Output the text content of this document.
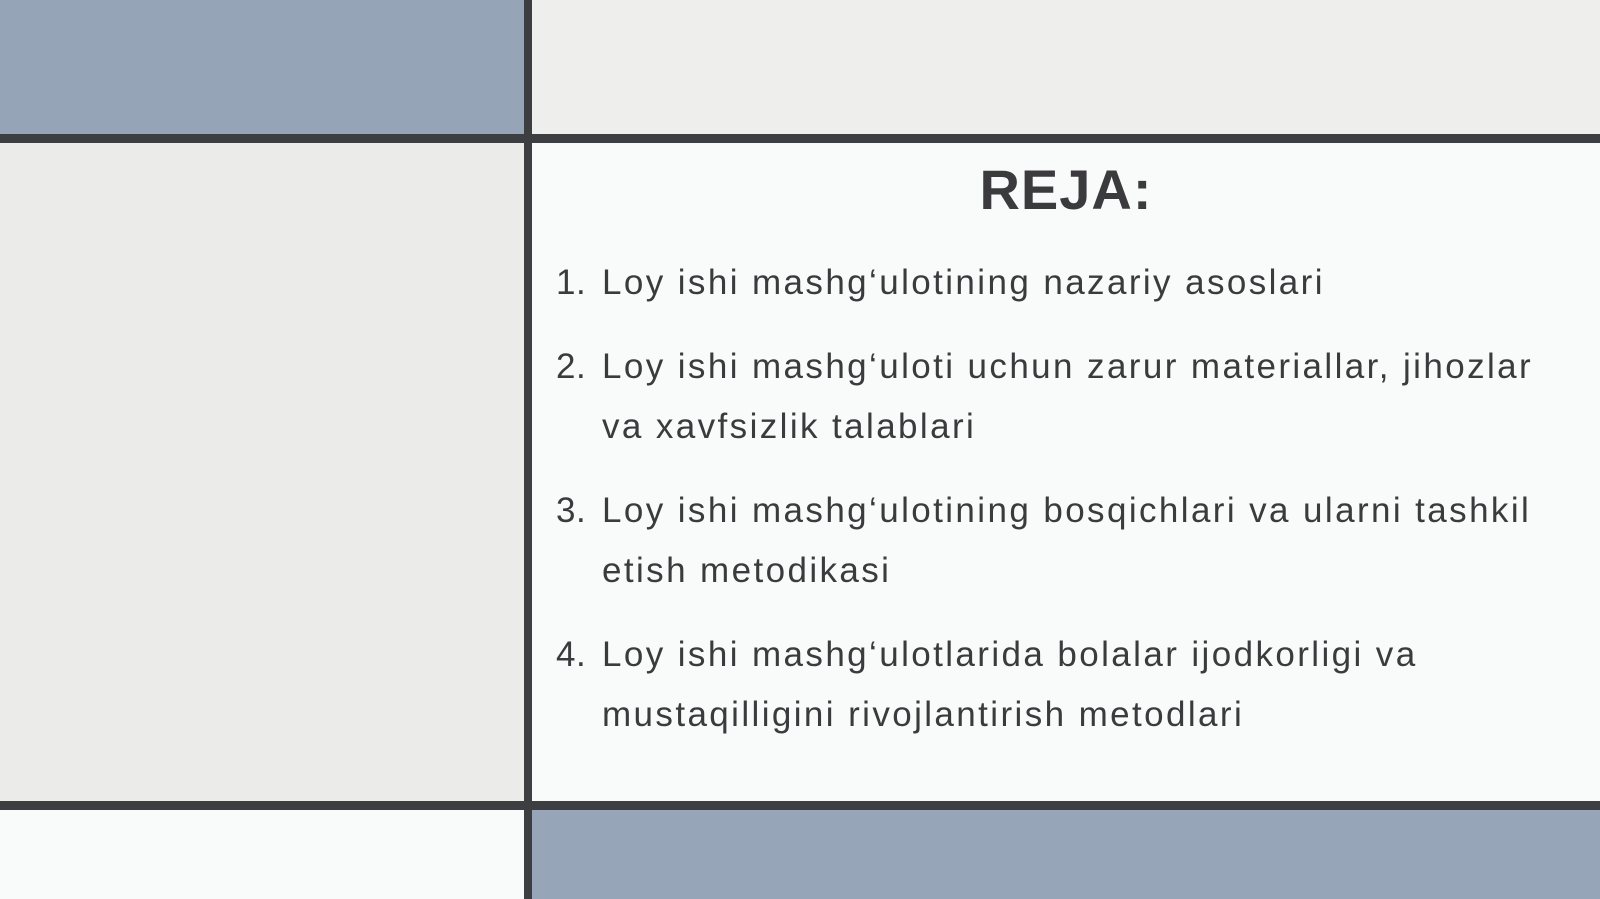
REJA:
1. Loy ishi mashg‘ulotining nazariy asoslari
2. Loy ishi mashg‘uloti uchun zarur materiallar, jihozlar va xavfsizlik talablari
3. Loy ishi mashg‘ulotining bosqichlari va ularni tashkil etish metodikasi
4. Loy ishi mashg‘ulotlarida bolalar ijodkorligi va mustaqilligini rivojlantirish metodlari
